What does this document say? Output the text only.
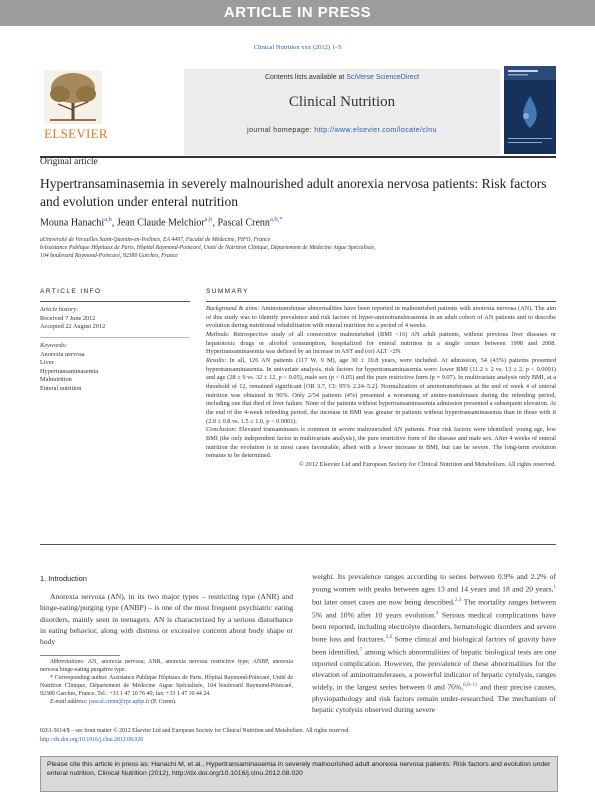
ARTICLE IN PRESS
Clinical Nutrition xxx (2012) 1–5
Contents lists available at SciVerse ScienceDirect
Clinical Nutrition
journal homepage: http://www.elsevier.com/locate/clnu
ELSEVIER
Original article
Hypertransaminasemia in severely malnourished adult anorexia nervosa patients: Risk factors and evolution under enteral nutrition
Mouna Hanachi$^{a,b}$, Jean Claude Melchior$^{a,b}$, Pascal Crenn$^{a,b,*}$
aUniversité de Versailles Saint-Quentin-en-Yvelines, EA 4497, Faculté de Médecine, PIFO, France
bAssistance Publique Hôpitaux de Paris, Hôpital Raymond-Poincaré, Unité de Nutrition Clinique, Département de Médecine Aigue Spécialisée,
104 boulevard Raymond-Poincaré, 92380 Garches, France
ARTICLE INFO
Article history:
Received 7 June 2012
Accepted 22 August 2012
Keywords:
Anorexia nervosa
Liver
Hypertransaminasemia
Malnutrition
Enteral nutrition
SUMMARY

Background & aims: Aminotransferase abnormalities have been reported in malnourished patients with anorexia nervosa (AN). The aim of this study was to identify prevalence and risk factors of hyper-aminotransferasemia in an adult cohort of AN patients and to describe evolution during nutritional rehabilitation with enteral nutrition for a period of 4 weeks.

Methods: Retrospective study of all consecutive malnourished (BMI <16) AN adult patients, without previous liver diseases or hepatotoxic drugs or alcohol consumption, hospitalized for enteral nutrition in a single center between 1998 and 2008. Hypertransaminasemia was defined by an increase in AST and (or) ALT >2N.

Results: In all, 126 AN patients (117 W, 9 M), age 30 ± 10.8 years, were included. At admission, 54 (43%) patients presented hypertransaminasemia. In univariate analysis, risk factors for hypertransaminasemia were: lower BMI (11.2 ± 2 vs. 13 ± 2, p < 0.0001) and age (28 ± 9 vs. 32 ± 12, p < 0.05), male sex (p < 0.05) and the pure restrictive form (p = 0.07). In multivariate analysis only BMI, at a threshold of 12, remained significant [OR 3.7, CI: 95% 2.24–5.2]. Normalization of aminotransferases at the end of week 4 of enteral nutrition was obtained in 96%. Only 2/54 patients (4%) presented a worsening of amino-transferases during the refeeding period, including one that died of liver failure. None of the patients without hypertransaminasemia admission presented a subsequent elevation. At the end of the 4-week refeeding period, the increase in BMI was greater in patients without hypertransaminasemia than in those with it (2.0 ± 0.8 vs. 1.5 ± 1.0, p < 0.0001).

Conclusion: Elevated transaminases is common in severe malnourished AN patients. Four risk factors were identified: young age, low BMI (the only independent factor in multivariate analysis), the pure restrictive form of the disease and male sex. After 4 weeks of enteral nutrition the evolution is in most cases favourable, albeit with a lower increase in BMI, but can be severe. The long-term evolution remains to be determined.

© 2012 Elsevier Ltd and European Society for Clinical Nutrition and Metabolism. All rights reserved.

1. Introduction

Anorexia nervosa (AN), in its two major types – restricting type (ANR) and binge-eating/purging type (ANBP) – is one of the most frequent psychiatric eating disorders, mainly seen in teenagers. AN is characterized by a serious disturbance in eating behavior, along with distress or excessive concern about body shape or body

Abbreviations: AN, anorexia nervosa; ANR, anorexia nervosa restrictive type; ANBP, anorexia nervosa binge-eating purgative type.
* Corresponding author. Assistance Publique Hôpitaux de Paris, Hôpital Raymond-Poincaré, Unité de Nutrition Clinique, Département de Médecine Aigue Spécialisée, 104 boulevard Raymond-Poincaré, 92380 Garches, France. Tel.: +33 1 47 10 76 40; fax: +33 1 47 10 44 24.
E-mail address: pascal.crenn@rpc.aphp.fr (P. Crenn).

weight. Its prevalence ranges according to series between 0.9% and 2.2% of young women with peaks between ages 13 and 14 years and 18 and 20 years,$^1$ but later onset cases are now being described.$^{2,3}$ The mortality ranges between 5% and 10% after 10 years evolution.$^4$ Serious medical complications have been reported, including electrolyte disorders, hematologic disorders and severe bone loss and fractures.$^{3,6}$ Some clinical and biological factors of gravity have been identified,$^7$ among which abnormalities of hepatic biological tests are one reported complication. However, the prevalence of these abnormalities for the elevation of aminotransferases, a powerful indicator of hepatic cytolysis, ranges widely, in the largest series between 0 and 76%,$^{6,8-11}$ and their precise causes, physiopathology and risk factors remain under-researched. The mechanism of hepatic cytolysis observed during severe

0261-5614/$ – see front matter © 2012 Elsevier Ltd and European Society for Clinical Nutrition and Metabolism. All rights reserved.
http://dx.doi.org/10.1016/j.clnu.2012.08.020
Please cite this article in press as: Hanachi M, et al., Hypertransaminasemia in severely malnourished adult anorexia nervosa patients: Risk factors and evolution under enteral nutrition, Clinical Nutrition (2012), http://dx.doi.org/10.1016/j.clnu.2012.08.020
